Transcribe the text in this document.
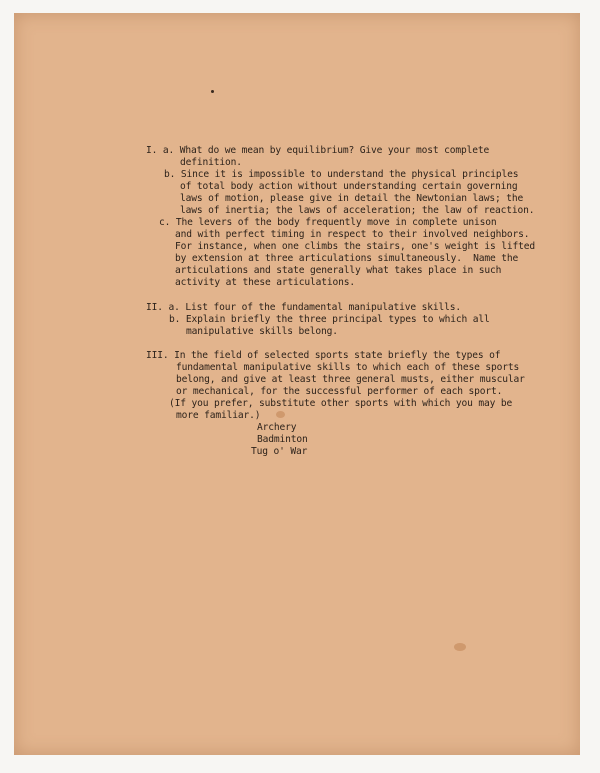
I. a. What do we mean by equilibrium? Give your most complete
definition.
b. Since it is impossible to understand the physical principles
of total body action without understanding certain governing
laws of motion, please give in detail the Newtonian laws; the
laws of inertia; the laws of acceleration; the law of reaction.
c. The levers of the body frequently move in complete unison
and with perfect timing in respect to their involved neighbors.
For instance, when one climbs the stairs, one's weight is lifted
by extension at three articulations simultaneously.  Name the
articulations and state generally what takes place in such
activity at these articulations.
II. a. List four of the fundamental manipulative skills.
b. Explain briefly the three principal types to which all
manipulative skills belong.
III. In the field of selected sports state briefly the types of
fundamental manipulative skills to which each of these sports
belong, and give at least three general musts, either muscular
or mechanical, for the successful performer of each sport.
(If you prefer, substitute other sports with which you may be
more familiar.)
Archery
Badminton
Tug o' War
